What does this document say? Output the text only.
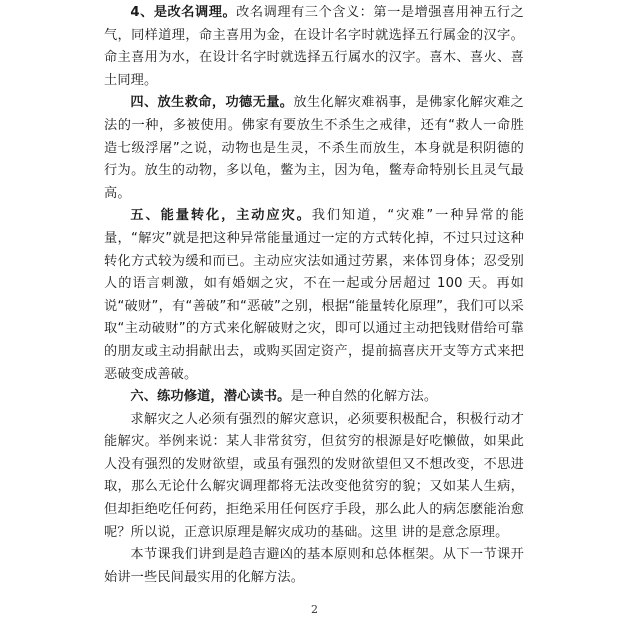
4、是改名调理。改名调理有三个含义：第一是增强喜用神五行之气，同样道理，命主喜用为金，在设计名字时就选择五行属金的汉字。命主喜用为水，在设计名字时就选择五行属水的汉字。喜木、喜火、喜土同理。

四、放生救命，功德无量。放生化解灾难祸事，是佛家化解灾难之法的一种，多被使用。佛家有要放生不杀生之戒律，还有“救人一命胜造七级浮屠”之说，动物也是生灵，不杀生而放生，本身就是积阴德的行为。放生的动物，多以龟，鳖为主，因为龟，鳖寿命特别长且灵气最高。

五、能量转化，主动应灾。我们知道，“灾难”一种异常的能量，“解灾”就是把这种异常能量通过一定的方式转化掉，不过只过这种转化方式较为缓和而已。主动应灾法如通过劳累，来体罚身体；忍受别人的语言刺激，如有婚姻之灾，不在一起或分居超过 100 天。再如说“破财”，有“善破”和“恶破”之别，根据“能量转化原理”，我们可以采取“主动破财”的方式来化解破财之灾，即可以通过主动把钱财借给可靠的朋友或主动捐献出去，或购买固定资产，提前搞喜庆开支等方式来把恶破变成善破。

六、练功修道，潜心读书。是一种自然的化解方法。

求解灾之人必须有强烈的解灾意识，必须要积极配合，积极行动才能解灾。举例来说：某人非常贫穷，但贫穷的根源是好吃懒做，如果此人没有强烈的发财欲望，或虽有强烈的发财欲望但又不想改变，不思进取，那么无论什么解灾调理都将无法改变他贫穷的貌；又如某人生病，但却拒绝吃任何药，拒绝采用任何医疗手段，那么此人的病怎麽能治愈呢？所以说，正意识原理是解灾成功的基础。这里 讲的是意念原理。

本节课我们讲到是趋吉避凶的基本原则和总体框架。从下一节课开始讲一些民间最实用的化解方法。

2
